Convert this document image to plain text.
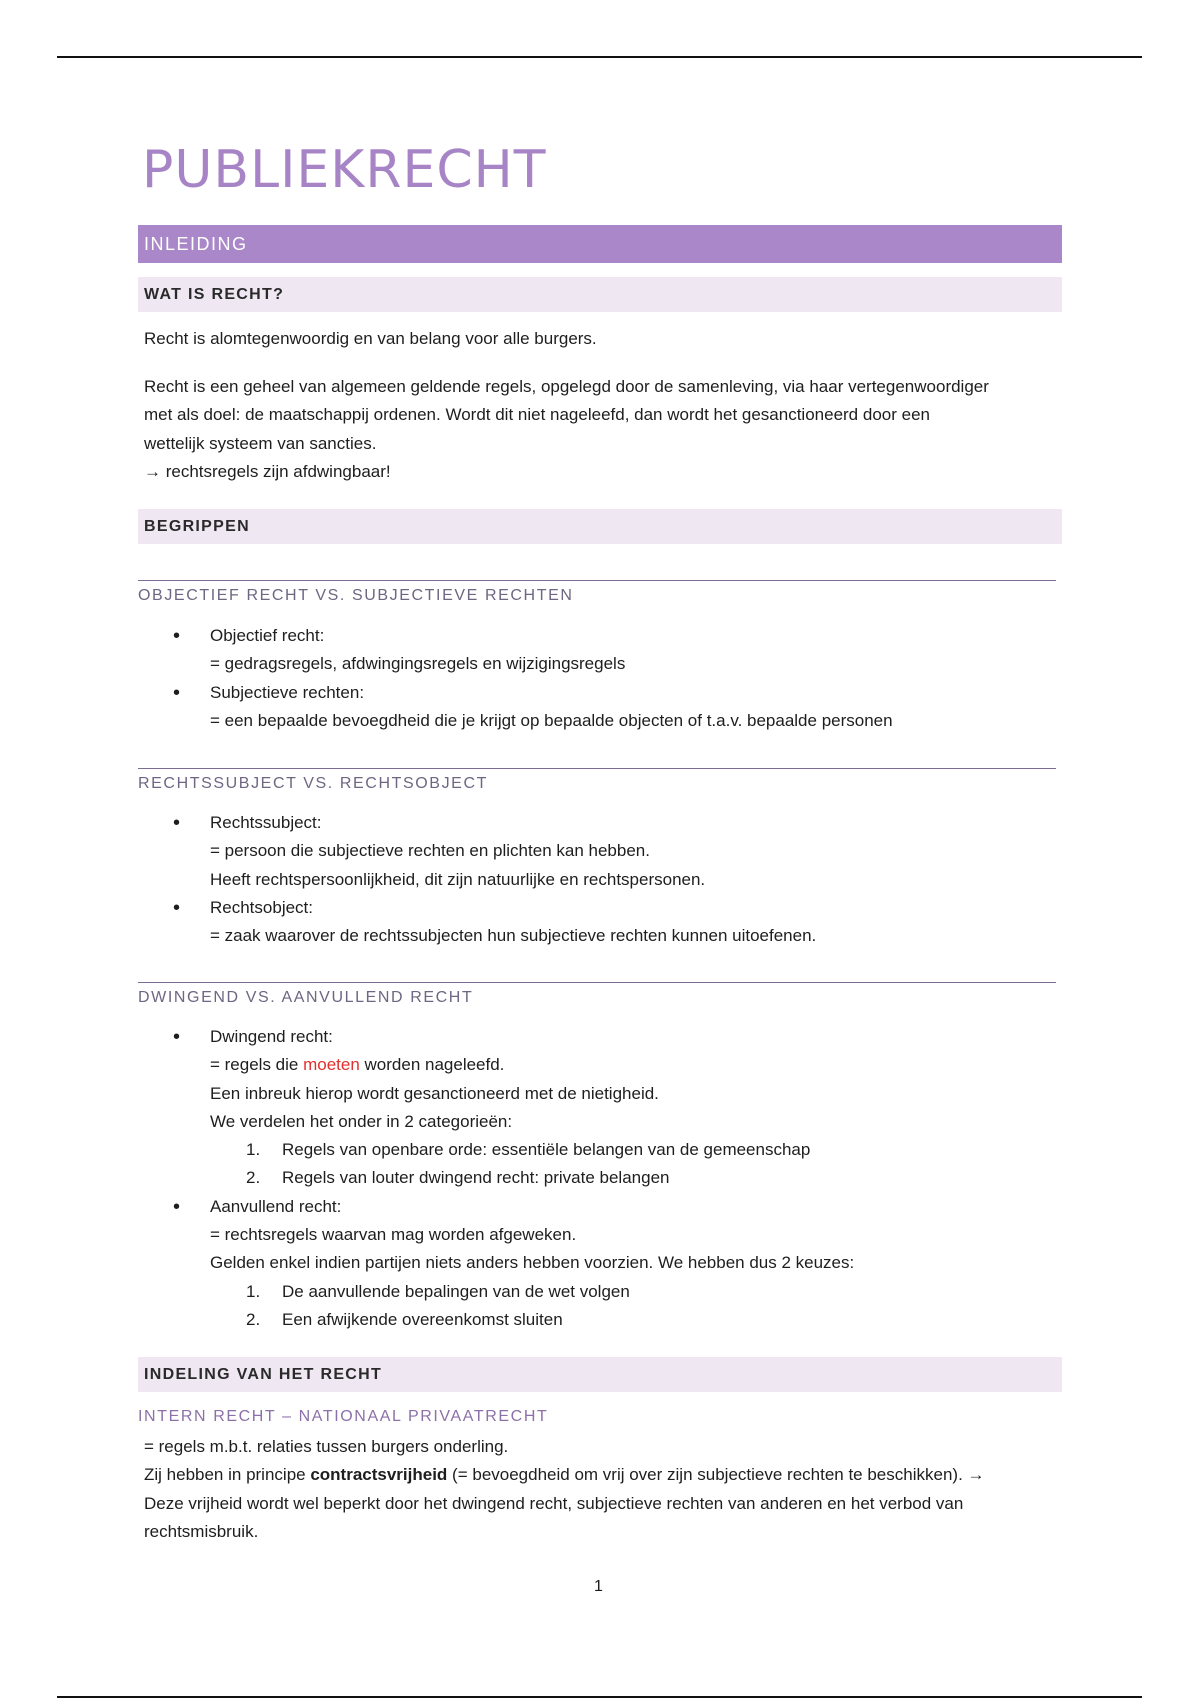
PUBLIEKRECHT
INLEIDING
WAT IS RECHT?

Recht is alomtegenwoordig en van belang voor alle burgers.

Recht is een geheel van algemeen geldende regels, opgelegd door de samenleving, via haar vertegenwoordiger
met als doel: de maatschappij ordenen. Wordt dit niet nageleefd, dan wordt het gesanctioneerd door een
wettelijk systeem van sancties.
→ rechtsregels zijn afdwingbaar!
BEGRIPPEN
OBJECTIEF RECHT VS. SUBJECTIEVE RECHTEN
• Objectief recht:
= gedragsregels, afdwingingsregels en wijzigingsregels
• Subjectieve rechten:
= een bepaalde bevoegdheid die je krijgt op bepaalde objecten of t.a.v. bepaalde personen
RECHTSSUBJECT VS. RECHTSOBJECT
• Rechtssubject:
= persoon die subjectieve rechten en plichten kan hebben.
Heeft rechtspersoonlijkheid, dit zijn natuurlijke en rechtspersonen.
• Rechtsobject:
= zaak waarover de rechtssubjecten hun subjectieve rechten kunnen uitoefenen.
DWINGEND VS. AANVULLEND RECHT
• Dwingend recht:
= regels die moeten worden nageleefd.
Een inbreuk hierop wordt gesanctioneerd met de nietigheid.
We verdelen het onder in 2 categorieën:
1. Regels van openbare orde: essentiële belangen van de gemeenschap
2. Regels van louter dwingend recht: private belangen
• Aanvullend recht:
= rechtsregels waarvan mag worden afgeweken.
Gelden enkel indien partijen niets anders hebben voorzien. We hebben dus 2 keuzes:
1. De aanvullende bepalingen van de wet volgen
2. Een afwijkende overeenkomst sluiten
INDELING VAN HET RECHT
INTERN RECHT – NATIONAAL PRIVAATRECHT
= regels m.b.t. relaties tussen burgers onderling.
Zij hebben in principe contractsvrijheid (= bevoegdheid om vrij over zijn subjectieve rechten te beschikken). →
Deze vrijheid wordt wel beperkt door het dwingend recht, subjectieve rechten van anderen en het verbod van
rechtsmisbruik.
1
